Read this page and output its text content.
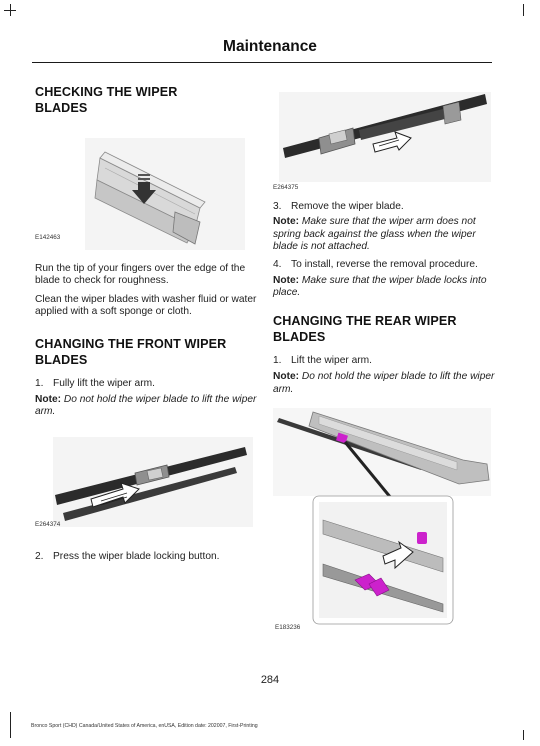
Maintenance
CHECKING THE WIPER BLADES
E142463
Run the tip of your fingers over the edge of the blade to check for roughness.
Clean the wiper blades with washer fluid or water applied with a soft sponge or cloth.
CHANGING THE FRONT WIPER BLADES
1. Fully lift the wiper arm.
Note: Do not hold the wiper blade to lift the wiper arm.
E264374
2. Press the wiper blade locking button.
E264375
3. Remove the wiper blade.
Note: Make sure that the wiper arm does not spring back against the glass when the wiper blade is not attached.
4. To install, reverse the removal procedure.
Note: Make sure that the wiper blade locks into place.
CHANGING THE REAR WIPER BLADES
1. Lift the wiper arm.
Note: Do not hold the wiper blade to lift the wiper arm.
E183236
284
Bronco Sport (CHD) Canada/United States of America, enUSA, Edition date: 202007, First-Printing
